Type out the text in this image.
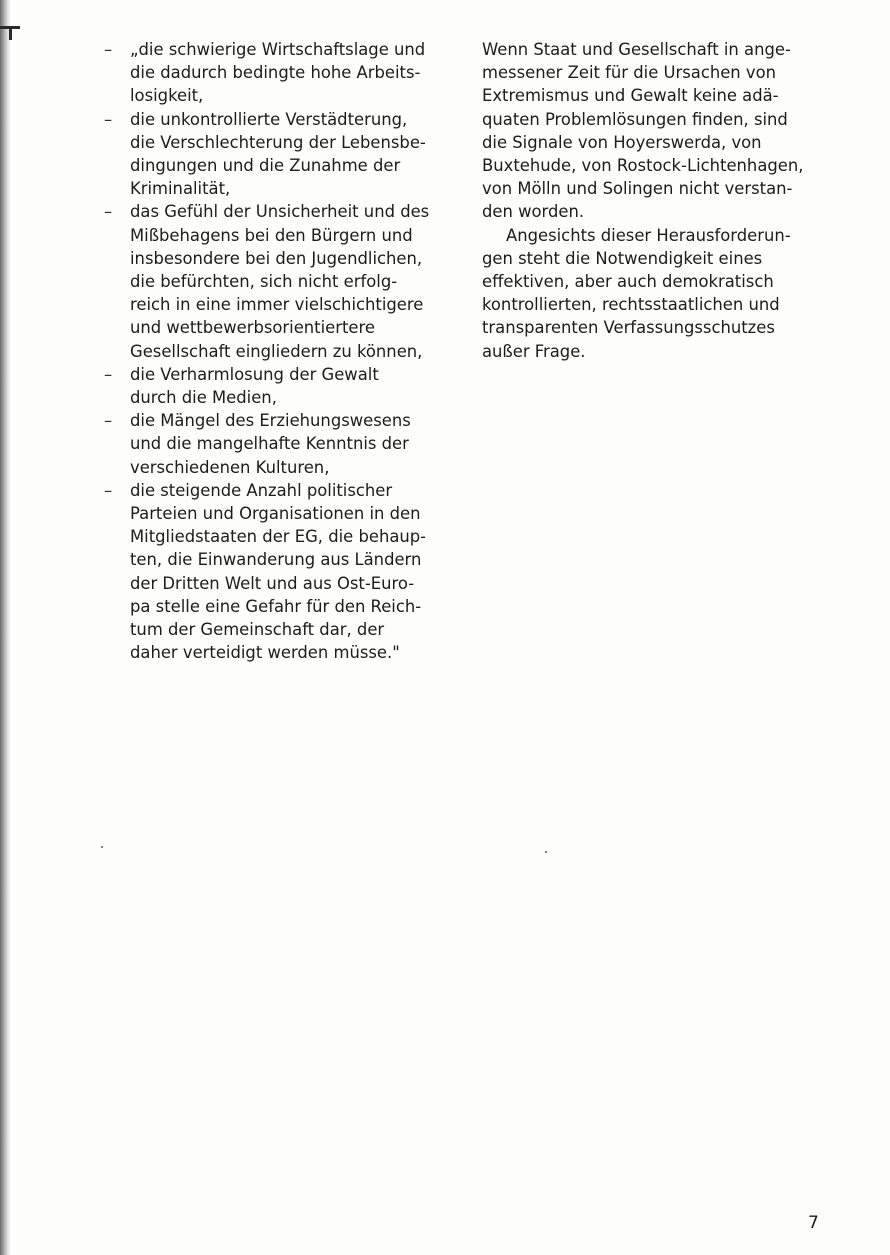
–	„die schwierige Wirtschaftslage und
die dadurch bedingte hohe Arbeits-
losigkeit,
–	die unkontrollierte Verstädterung,
die Verschlechterung der Lebensbe-
dingungen und die Zunahme der
Kriminalität,
–	das Gefühl der Unsicherheit und des
Mißbehagens bei den Bürgern und
insbesondere bei den Jugendlichen,
die befürchten, sich nicht erfolg-
reich in eine immer vielschichtigere
und wettbewerbsorientiertere
Gesellschaft eingliedern zu können,
–	die Verharmlosung der Gewalt
durch die Medien,
–	die Mängel des Erziehungswesens
und die mangelhafte Kenntnis der
verschiedenen Kulturen,
–	die steigende Anzahl politischer
Parteien und Organisationen in den
Mitgliedstaaten der EG, die behaup-
ten, die Einwanderung aus Ländern
der Dritten Welt und aus Ost-Euro-
pa stelle eine Gefahr für den Reich-
tum der Gemeinschaft dar, der
daher verteidigt werden müsse."

Wenn Staat und Gesellschaft in ange-
messener Zeit für die Ursachen von
Extremismus und Gewalt keine adä-
quaten Problemlösungen finden, sind
die Signale von Hoyerswerda, von
Buxtehude, von Rostock-Lichtenhagen,
von Mölln und Solingen nicht verstan-
den worden.

Angesichts dieser Herausforderun-
gen steht die Notwendigkeit eines
effektiven, aber auch demokratisch
kontrollierten, rechtsstaatlichen und
transparenten Verfassungsschutzes
außer Frage.

7
